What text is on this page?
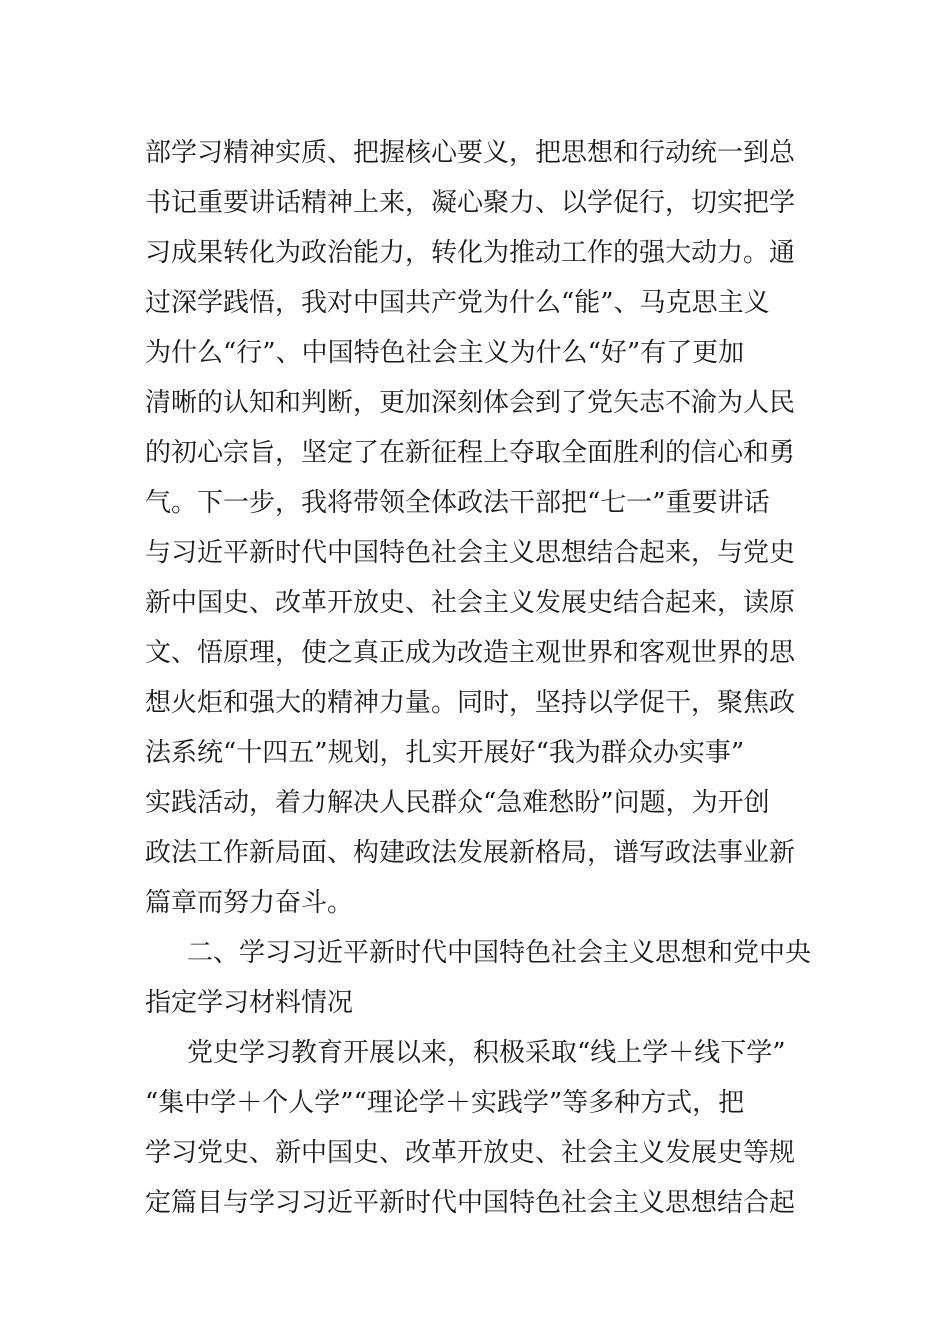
部学习精神实质、把握核心要义，把思想和行动统一到总
书记重要讲话精神上来，凝心聚力、以学促行，切实把学
习成果转化为政治能力，转化为推动工作的强大动力。通
过深学践悟，我对中国共产党为什么“能”、马克思主义
为什么“行”、中国特色社会主义为什么“好”有了更加
清晰的认知和判断，更加深刻体会到了党矢志不渝为人民
的初心宗旨，坚定了在新征程上夺取全面胜利的信心和勇
气。下一步，我将带领全体政法干部把“七一”重要讲话
与习近平新时代中国特色社会主义思想结合起来，与党史
新中国史、改革开放史、社会主义发展史结合起来，读原
文、悟原理，使之真正成为改造主观世界和客观世界的思
想火炬和强大的精神力量。同时，坚持以学促干，聚焦政
法系统“十四五”规划，扎实开展好“我为群众办实事”
实践活动，着力解决人民群众“急难愁盼”问题，为开创
政法工作新局面、构建政法发展新格局，谱写政法事业新
篇章而努力奋斗。
二、学习习近平新时代中国特色社会主义思想和党中央
指定学习材料情况
党史学习教育开展以来，积极采取“线上学＋线下学”
“集中学＋个人学”“理论学＋实践学”等多种方式，把
学习党史、新中国史、改革开放史、社会主义发展史等规
定篇目与学习习近平新时代中国特色社会主义思想结合起
